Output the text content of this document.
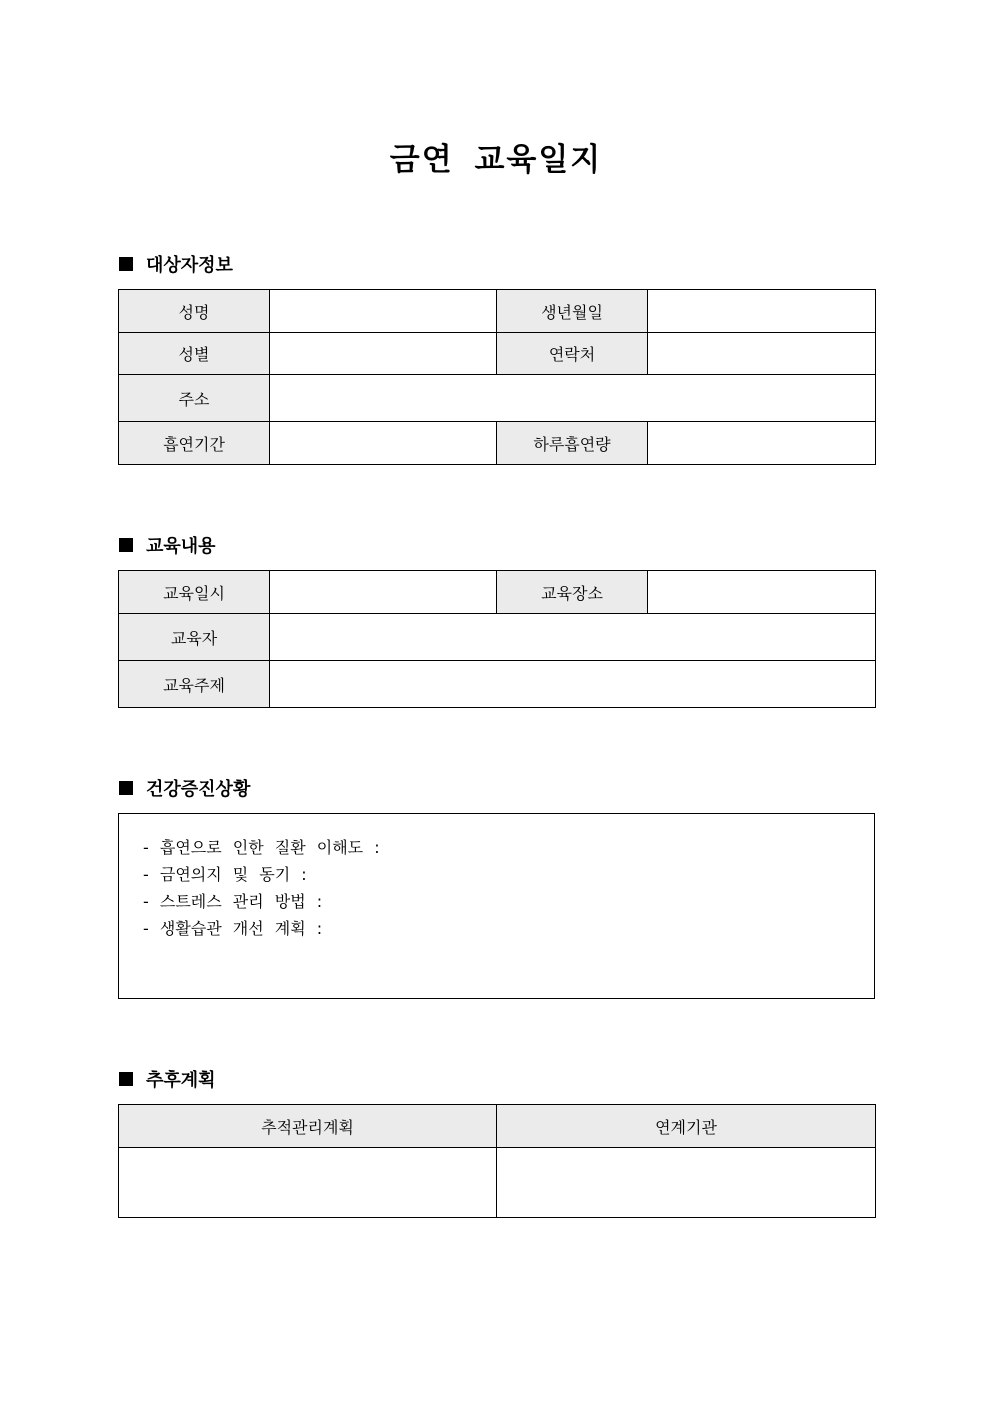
금연 교육일지
대상자정보
성명		생년월일	
성별		연락처	
주소			
흡연기간		하루흡연량	
교육내용
교육일시		교육장소	
교육자			
교육주제			
건강증진상황
- 흡연으로 인한 질환 이해도 :
- 금연의지 및 동기 :
- 스트레스 관리 방법 :
- 생활습관 개선 계획 :
추후계획
추적관리계획	연계기관
